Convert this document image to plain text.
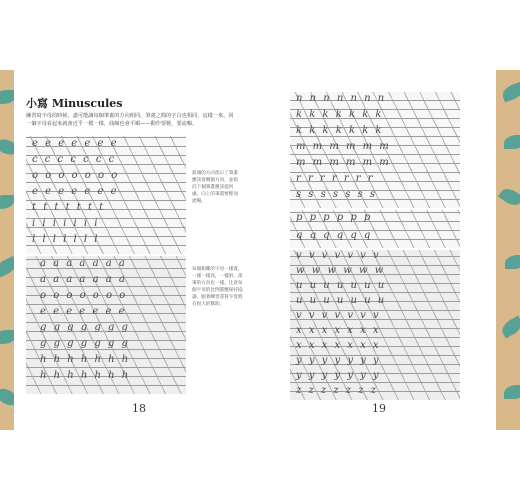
小寫 Minuscules
練習寫字母的時候，盡可能讓每個筆畫的方向相同，筆畫之間的字白也相同，這樣一來，同一個字母看起來就會近乎一模一樣，曲線也會平順——動作要輕，要流暢。
e e e e e e e
c c c c c c c
o o o o o o o
e e e e e e e
t t t t t t t
i i i i i i i
l l l l l l l
箭頭的方向指示了筆畫應該從哪個方向，並指向下個筆畫應該從何處。向上的筆畫要輕而流暢。
a a a a a a a
a a a a a a a
o o o o o o o
e e e e e e e
g g g g g g g
g g g g g g g
h h h h h h h
h h h h h h h
每個相鄰的字母一樣寬，一樣一樣高，一樣斜，落筆的方向也一樣。注意每個字母的比例都應保持協調，跟著練習書寫字母將有很大的幫助。
18
n n n n n n n
k k k k k k k
k k k k k k k
m m m m m m
m m m m m m
r r r r r r r
s s s s s s s
p p p p p p
q q q q q q
v v v v v v v
w w w w w w
u u u u u u u
u u u u u u u
v v v v v v v
x x x x x x x
x x x x x x x
y y y y y y y
y y y y y y y
z z z z z z z
19
